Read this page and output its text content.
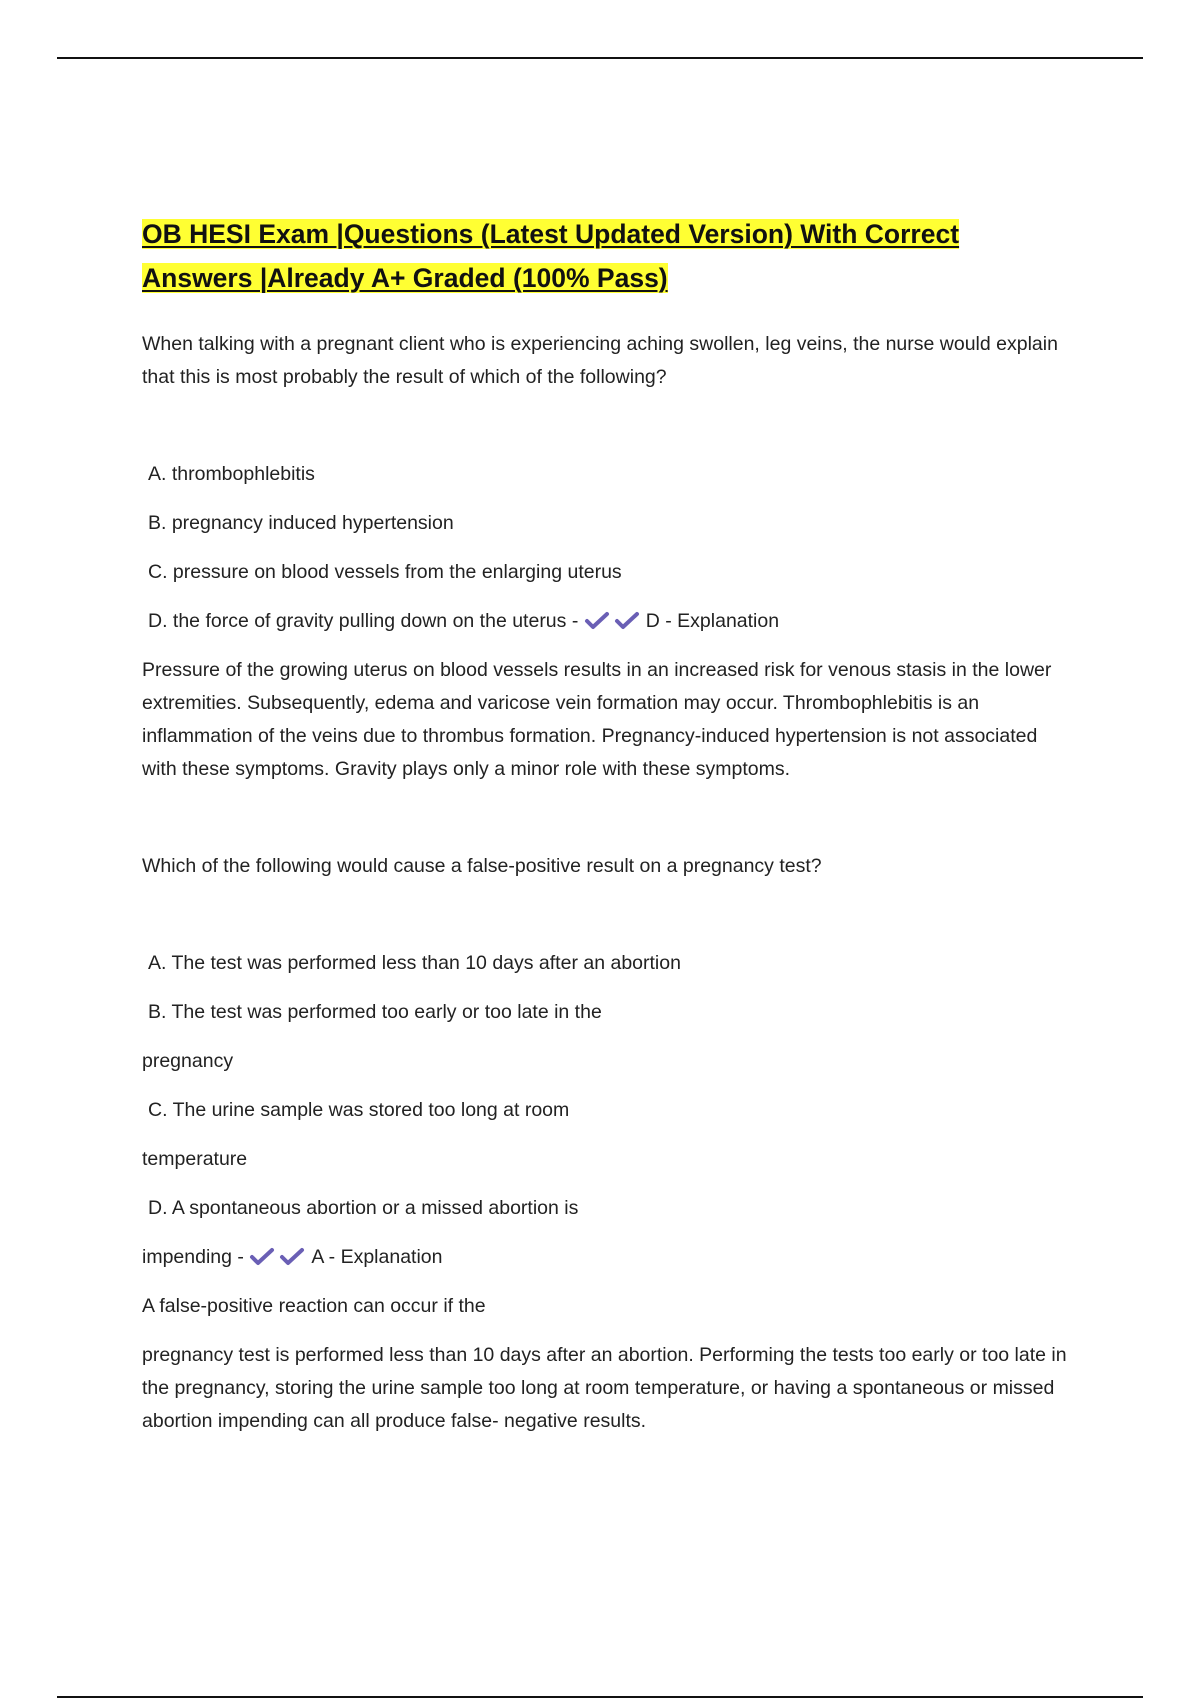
OB HESI Exam |Questions (Latest Updated Version) With Correct
Answers |Already A+ Graded (100% Pass)

When talking with a pregnant client who is experiencing aching swollen, leg veins, the nurse would explain that this is most probably the result of which of the following?

A. thrombophlebitis

B. pregnancy induced hypertension

C. pressure on blood vessels from the enlarging uterus

D. the force of gravity pulling down on the uterus -	D - Explanation

Pressure of the growing uterus on blood vessels results in an increased risk for venous stasis in the lower extremities. Subsequently, edema and varicose vein formation may occur. Thrombophlebitis is an inflammation of the veins due to thrombus formation. Pregnancy-induced hypertension is not associated with these symptoms. Gravity plays only a minor role with these symptoms.

Which of the following would cause a false-positive result on a pregnancy test?

A. The test was performed less than 10 days after an abortion

B. The test was performed too early or too late in the

pregnancy

C. The urine sample was stored too long at room

temperature

D. A spontaneous abortion or a missed abortion is

impending -	A - Explanation

A false-positive reaction can occur if the

pregnancy test is performed less than 10 days after an abortion. Performing the tests too early or too late in the pregnancy, storing the urine sample too long at room temperature, or having a spontaneous or missed abortion impending can all produce false- negative results.
